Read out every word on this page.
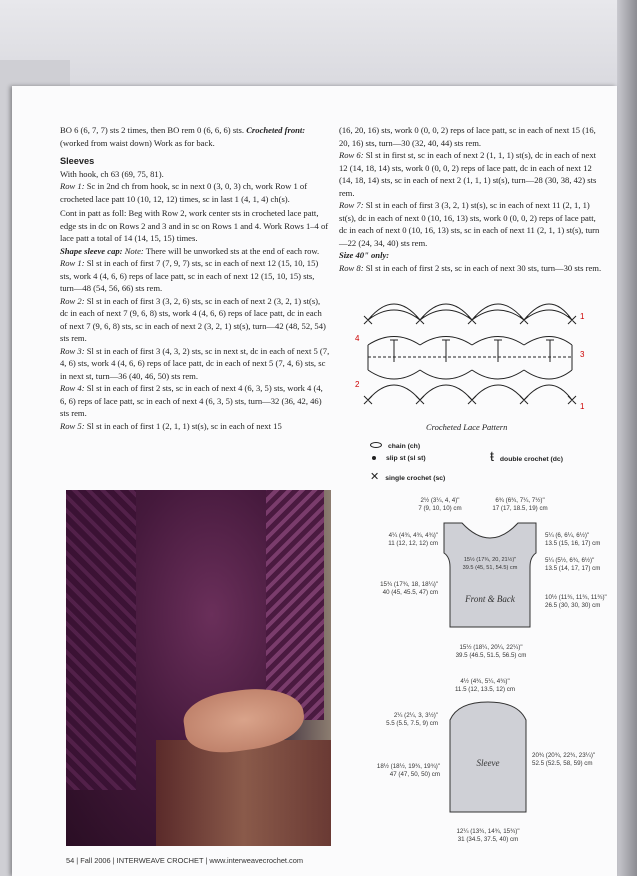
BO 6 (6, 7, 7) sts 2 times, then BO rem 0 (6, 6, 6) sts. Crocheted front:
(worked from waist down) Work as for back.

Sleeves

With hook, ch 63 (69, 75, 81).

Row 1: Sc in 2nd ch from hook, sc in next 0 (3, 0, 3) ch, work Row 1 of crocheted lace patt 10 (10, 12, 12) times, sc in last 1 (4, 1, 4) ch(s).

Cont in patt as foll: Beg with Row 2, work center sts in crocheted lace patt, edge sts in dc on Rows 2 and 3 and in sc on Rows 1 and 4. Work Rows 1–4 of lace patt a total of 14 (14, 15, 15) times.

Shape sleeve cap: Note: There will be unworked sts at the end of each row.

Row 1: Sl st in each of first 7 (7, 9, 7) sts, sc in each of next 12 (15, 10, 15) sts, work 4 (4, 6, 6) reps of lace patt, sc in each of next 12 (15, 10, 15) sts, turn—48 (54, 56, 66) sts rem.

Row 2: Sl st in each of first 3 (3, 2, 6) sts, sc in each of next 2 (3, 2, 1) st(s), dc in each of next 7 (9, 6, 8) sts, work 4 (4, 6, 6) reps of lace patt, dc in each of next 7 (9, 6, 8) sts, sc in each of next 2 (3, 2, 1) st(s), turn—42 (48, 52, 54) sts rem.

Row 3: Sl st in each of first 3 (4, 3, 2) sts, sc in next st, dc in each of next 5 (7, 4, 6) sts, work 4 (4, 6, 6) reps of lace patt, dc in each of next 5 (7, 4, 6) sts, sc in next st, turn—36 (40, 46, 50) sts rem.

Row 4: Sl st in each of first 2 sts, sc in each of next 4 (6, 3, 5) sts, work 4 (4, 6, 6) reps of lace patt, sc in each of next 4 (6, 3, 5) sts, turn—32 (36, 42, 46) sts rem.

Row 5: Sl st in each of first 1 (2, 1, 1) st(s), sc in each of next 15

(16, 20, 16) sts, work 0 (0, 0, 2) reps of lace patt, sc in each of next 15 (16, 20, 16) sts, turn—30 (32, 40, 44) sts rem.

Row 6: Sl st in first st, sc in each of next 2 (1, 1, 1) st(s), dc in each of next 12 (14, 18, 14) sts, work 0 (0, 0, 2) reps of lace patt, dc in each of next 12 (14, 18, 14) sts, sc in each of next 2 (1, 1, 1) st(s), turn—28 (30, 38, 42) sts rem.

Row 7: Sl st in each of first 3 (3, 2, 1) st(s), sc in each of next 11 (2, 1, 1) st(s), dc in each of next 0 (10, 16, 13) sts, work 0 (0, 0, 2) reps of lace patt, dc in each of next 0 (10, 16, 13) sts, sc in each of next 11 (2, 1, 1) st(s), turn—22 (24, 34, 40) sts rem.

Size 40" only:

Row 8: Sl st in each of first 2 sts, sc in each of next 30 sts, turn—30 sts rem.

1
2
3
4
1
Crocheted Lace Pattern
chain (ch)
slip st (sl st)	ŧdouble crochet (dc)
✕ single crochet (sc)
2½ (3¼, 4, 4)"
7 (9, 10, 10) cm
6¾ (6¾, 7¼, 7½)"
17 (17, 18.5, 19) cm
4¼ (4¾, 4¾, 4¾)"
11 (12, 12, 12) cm
15½ (17¾, 20, 21½)"
39.5 (45, 51, 54.5) cm
5¼ (6, 6¼, 6½)"
13.5 (15, 16, 17) cm
5¼ (5½, 6¾, 6½)"
13.5 (14, 17, 17) cm
15¾ (17¾, 18, 18¼)"
40 (45, 45.5, 47) cm
Front & Back	10½ (11¾, 11¾, 11¾)"
26.5 (30, 30, 30) cm
15½ (18¼, 20¼, 22¼)"
39.5 (46.5, 51.5, 56.5) cm
4½ (4¾, 5¼, 4¾)"
11.5 (12, 13.5, 12) cm
2¼ (2¼, 3, 3½)"
5.5 (5.5, 7.5, 9) cm
18½ (18½, 19¾, 19¾)"
47 (47, 50, 50) cm
Sleeve
20¾ (20¾, 22¾, 23¼)"
52.5 (52.5, 58, 59) cm
12¼ (13¾, 14¾, 15¾)"
31 (34.5, 37.5, 40) cm
54 | Fall 2006 | INTERWEAVE CROCHET | www.interweavecrochet.com
